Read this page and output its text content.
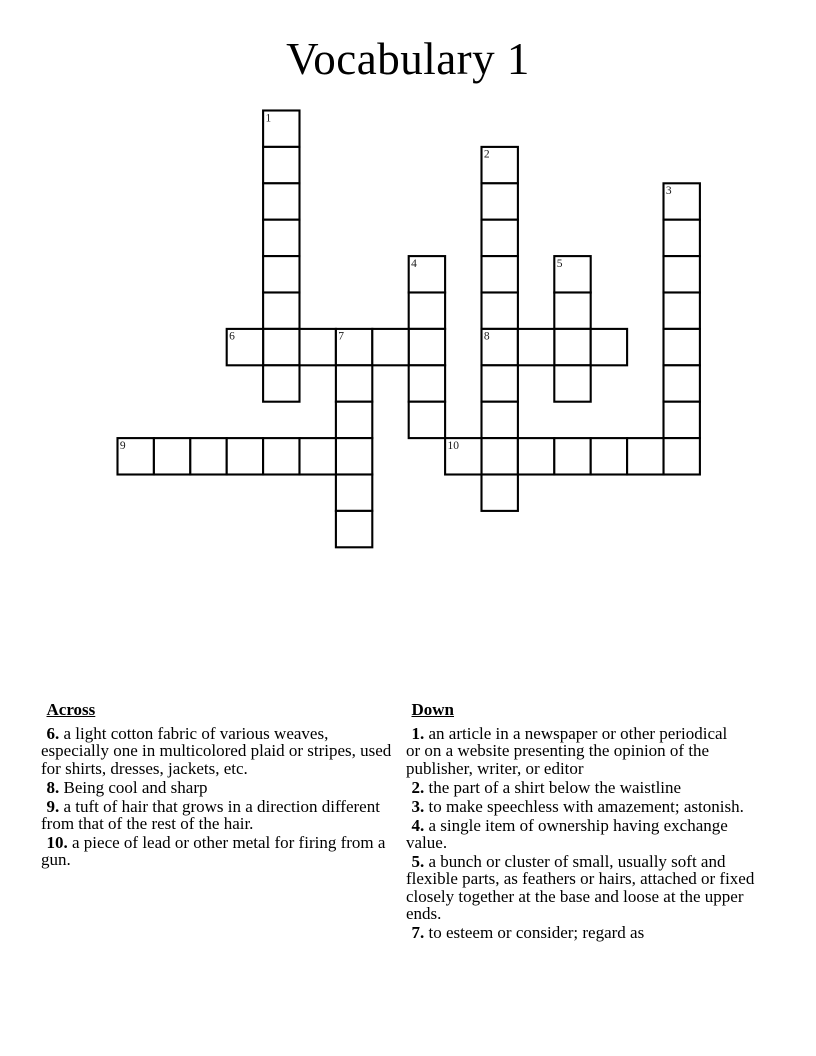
1
2
3
4	5
6	7	8
9	10
Vocabulary 1
Across
6. a light cotton fabric of various weaves,
especially one in multicolored plaid or stripes, used
for shirts, dresses, jackets, etc.
8. Being cool and sharp
9. a tuft of hair that grows in a direction different
from that of the rest of the hair.
10. a piece of lead or other metal for firing from a
gun.
Down
1. an article in a newspaper or other periodical
or on a website presenting the opinion of the
publisher, writer, or editor
2. the part of a shirt below the waistline
3. to make speechless with amazement; astonish.
4. a single item of ownership having exchange
value.
5. a bunch or cluster of small, usually soft and
flexible parts, as feathers or hairs, attached or fixed
closely together at the base and loose at the upper
ends.
7. to esteem or consider; regard as
